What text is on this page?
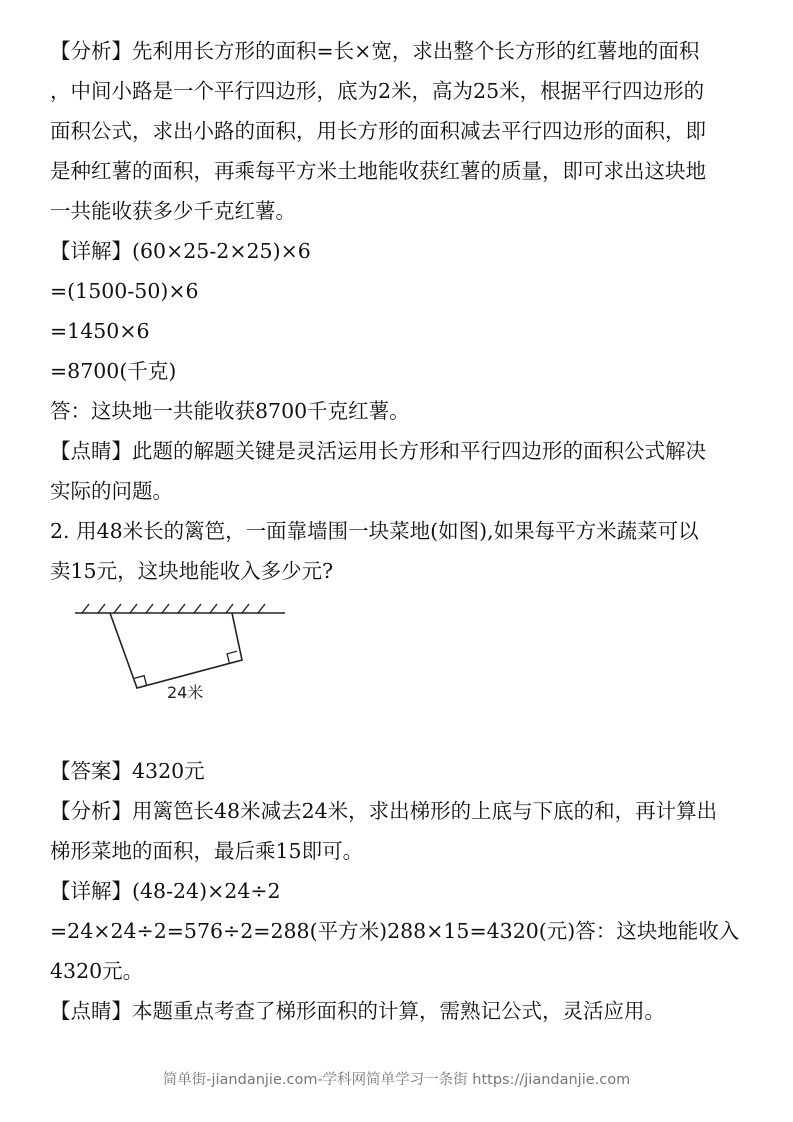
【分析】先利用长方形的面积=长×宽，求出整个长方形的红薯地的面积
，中间小路是一个平行四边形，底为2米，高为25米，根据平行四边形的
面积公式，求出小路的面积，用长方形的面积减去平行四边形的面积，即
是种红薯的面积，再乘每平方米土地能收获红薯的质量，即可求出这块地
一共能收获多少千克红薯。
【详解】(60×25-2×25)×6
=(1500-50)×6
=1450×6
=8700(千克)
答：这块地一共能收获8700千克红薯。
【点睛】此题的解题关键是灵活运用长方形和平行四边形的面积公式解决
实际的问题。
2. 用48米长的篱笆，一面靠墙围一块菜地(如图),如果每平方米蔬菜可以
卖15元，这块地能收入多少元?
24米
【答案】4320元
【分析】用篱笆长48米减去24米，求出梯形的上底与下底的和，再计算出
梯形菜地的面积，最后乘15即可。
【详解】(48-24)×24÷2
=24×24÷2=576÷2=288(平方米)288×15=4320(元)答：这块地能收入
4320元。
【点睛】本题重点考查了梯形面积的计算，需熟记公式，灵活应用。
简单街-jiandanjie.com-学科网简单学习一条街 https://jiandanjie.com
